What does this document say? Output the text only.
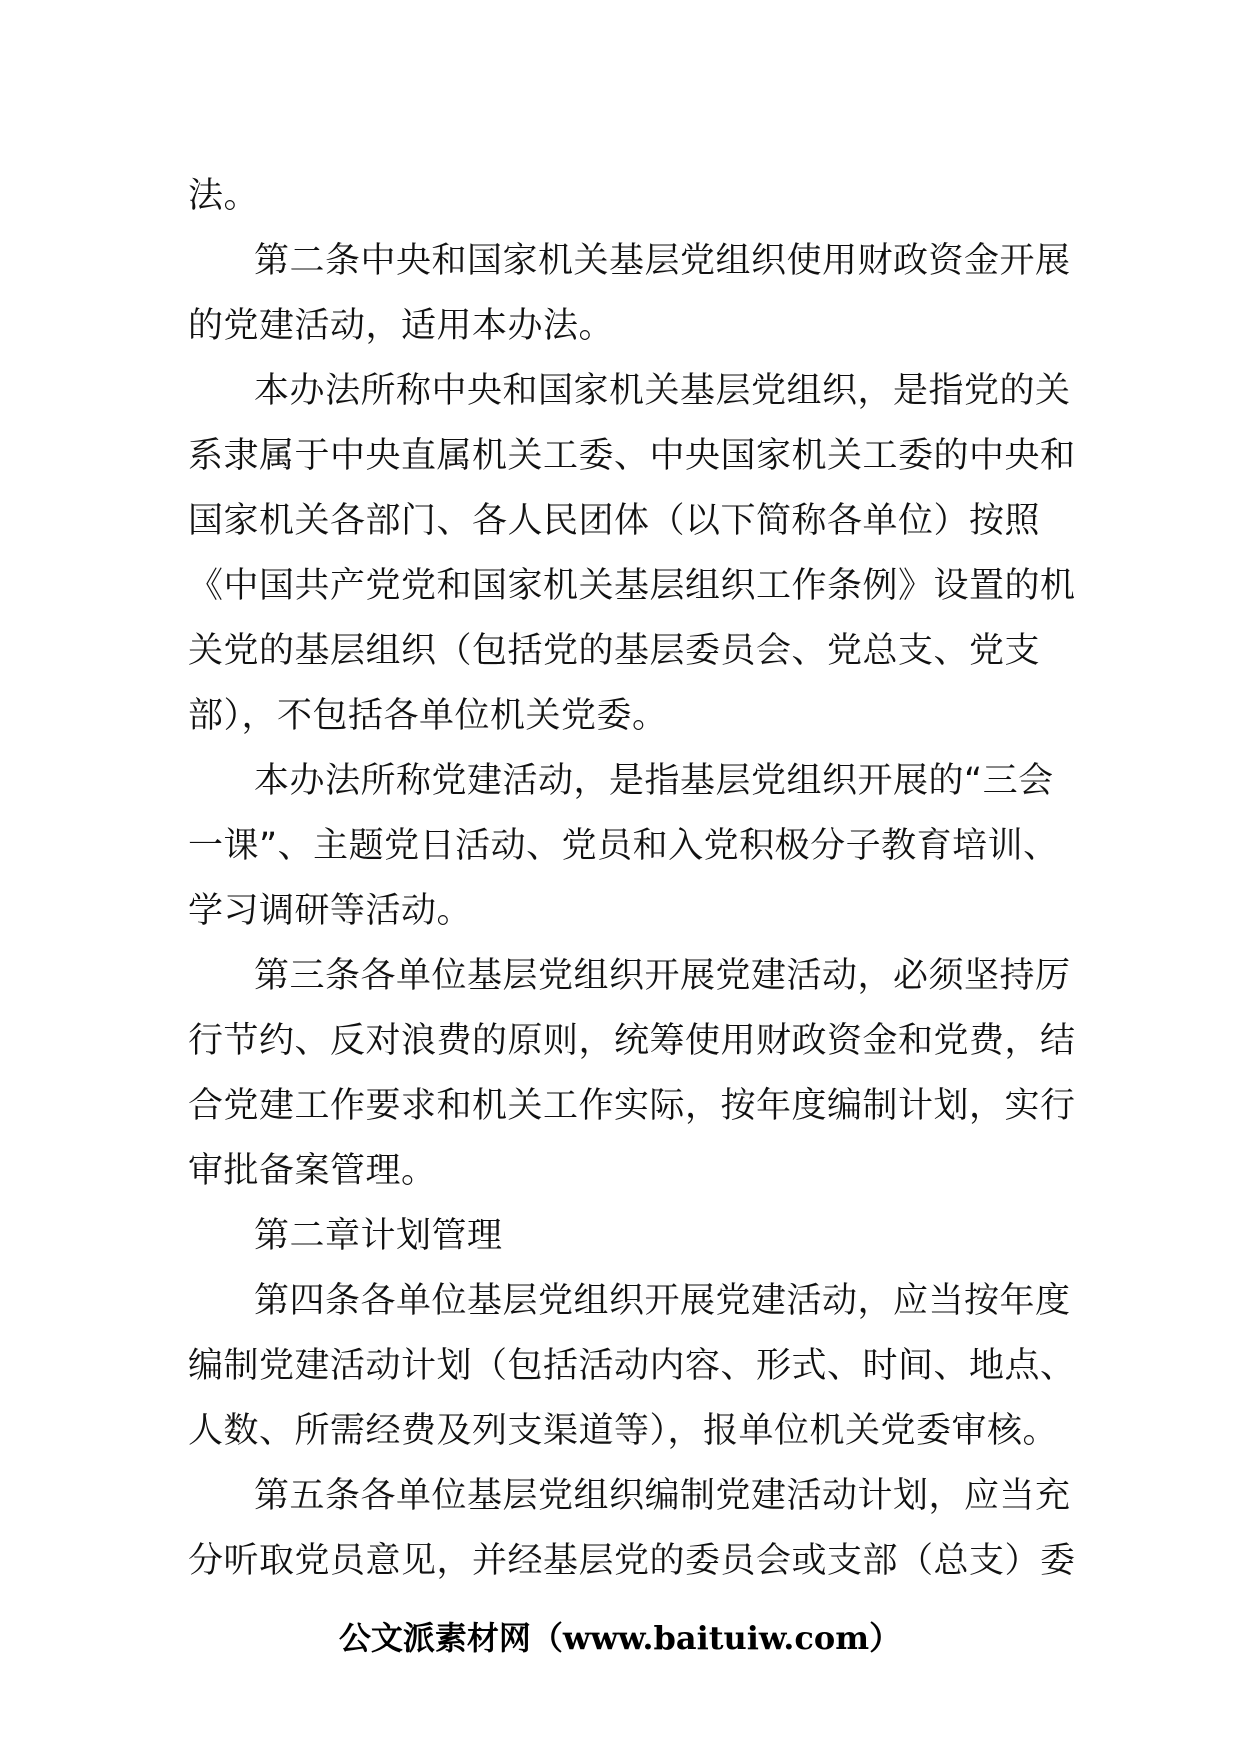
法。
第二条中央和国家机关基层党组织使用财政资金开展
的党建活动，适用本办法。
本办法所称中央和国家机关基层党组织，是指党的关
系隶属于中央直属机关工委、中央国家机关工委的中央和
国家机关各部门、各人民团体（以下简称各单位）按照
《中国共产党党和国家机关基层组织工作条例》设置的机
关党的基层组织（包括党的基层委员会、党总支、党支
部），不包括各单位机关党委。
本办法所称党建活动，是指基层党组织开展的“三会
一课”、主题党日活动、党员和入党积极分子教育培训、
学习调研等活动。
第三条各单位基层党组织开展党建活动，必须坚持厉
行节约、反对浪费的原则，统筹使用财政资金和党费，结
合党建工作要求和机关工作实际，按年度编制计划，实行
审批备案管理。
第二章计划管理
第四条各单位基层党组织开展党建活动，应当按年度
编制党建活动计划（包括活动内容、形式、时间、地点、
人数、所需经费及列支渠道等），报单位机关党委审核。
第五条各单位基层党组织编制党建活动计划，应当充
分听取党员意见，并经基层党的委员会或支部（总支）委
公文派素材网（www.baituiw.com）
